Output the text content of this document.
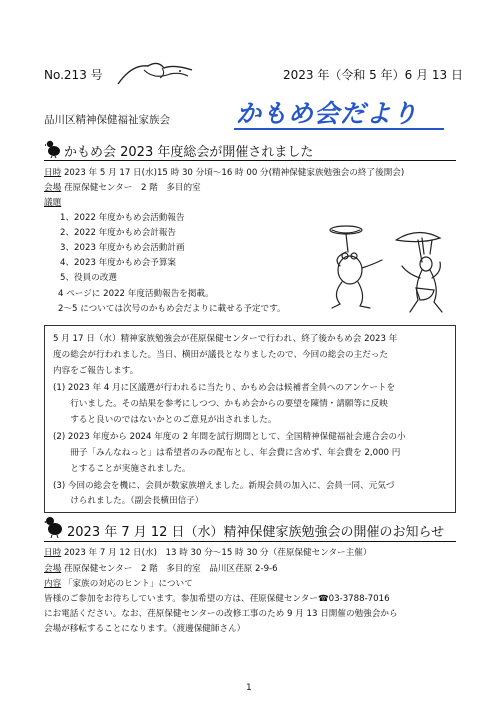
No.213 号	2023 年（令和 5 年）6 月 13 日
品川区精神保健福祉家族会	かもめ会だより
かもめ会 2023 年度総会が開催されました
日時 2023 年 5 月 17 日(水)15 時 30 分頃～16 時 00 分(精神保健家族勉強会の終了後開会)
会場 荏原保健センター　2 階　多目的室
議題
1、2022 年度かもめ会活動報告
2、2022 年度かもめ会計報告
3、2023 年度かもめ会活動計画
4、2023 年度かもめ会予算案
5、役員の改選
4 ページに 2022 年度活動報告を掲載。
2～5 については次号のかもめ会だよりに載せる予定です。
5 月 17 日（水）精神家族勉強会が荏原保健センターで行われ、終了後かもめ会 2023 年
度の総会が行われました。当日、横田が議長となりましたので、今回の総会の主だった
内容をご報告します。
(1) 2023 年 4 月に区議選が行われるに当たり、かもめ会は候補者全員へのアンケートを
　　行いました。その結果を参考にしつつ、かもめ会からの要望を陳情・請願等に反映
　　すると良いのではないかとのご意見が出されました。
(2) 2023 年度から 2024 年度の 2 年間を試行期間として、全国精神保健福祉会連合会の小
　　冊子「みんなねっと」は希望者のみの配布とし、年会費に含めず、年会費を 2,000 円
　　とすることが実施されました。
(3) 今回の総会を機に、会員が数家族増えました。新規会員の加入に、会員一同、元気づ
　　けられました。（副会長横田信子）
2023 年 7 月 12 日（水）精神保健家族勉強会の開催のお知らせ
日時 2023 年 7 月 12 日(水)　13 時 30 分～15 時 30 分（荏原保健センター主催）
会場 荏原保健センター　2 階　多目的室　品川区荏原 2-9-6
内容 「家族の対応のヒント」について
皆様のご参加をお待ちしています。参加希望の方は、荏原保健センター☎03-3788-7016
にお電話ください。なお、荏原保健センターの改修工事のため 9 月 13 日開催の勉強会から
会場が移転することになります。（渡邊保健師さん）
1
